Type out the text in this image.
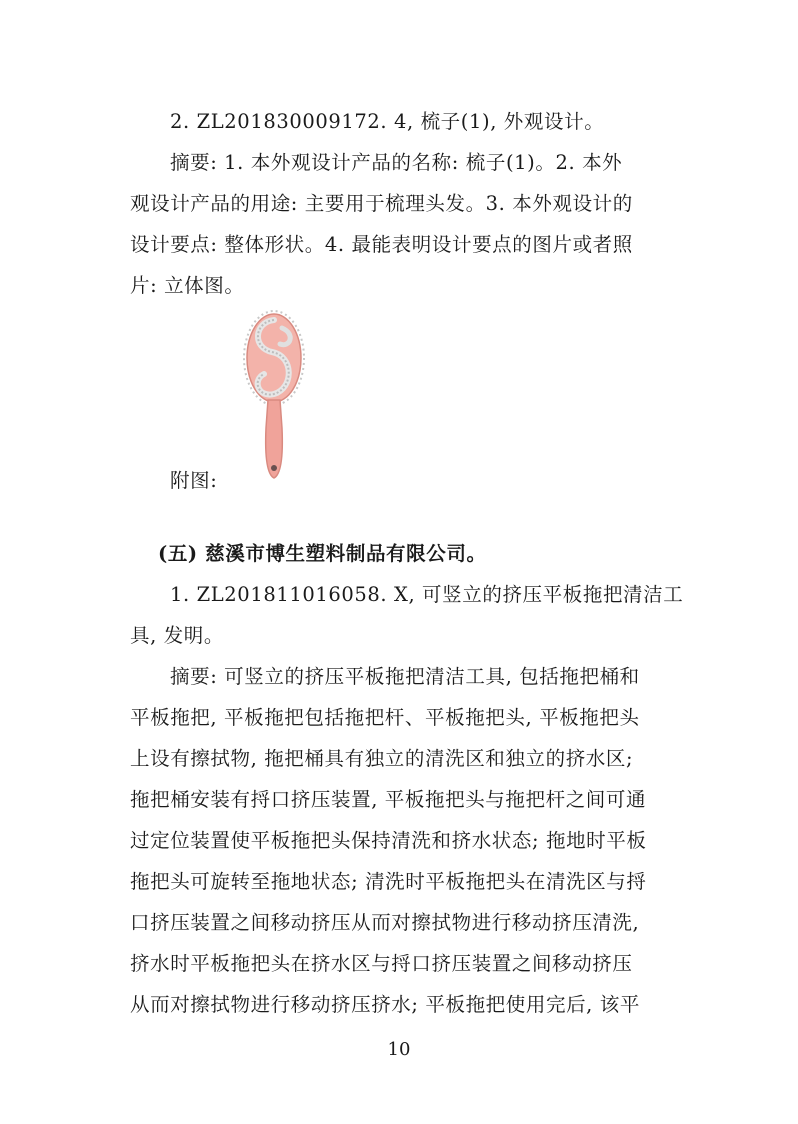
2. ZL201830009172. 4, 梳子(1), 外观设计。
摘要: 1. 本外观设计产品的名称: 梳子(1)。2. 本外
观设计产品的用途: 主要用于梳理头发。3. 本外观设计的
设计要点: 整体形状。4. 最能表明设计要点的图片或者照
片: 立体图。
附图:
(五) 慈溪市博生塑料制品有限公司。
1. ZL201811016058. X, 可竖立的挤压平板拖把清洁工
具, 发明。
摘要: 可竖立的挤压平板拖把清洁工具, 包括拖把桶和
平板拖把, 平板拖把包括拖把杆、平板拖把头, 平板拖把头
上设有擦拭物, 拖把桶具有独立的清洗区和独立的挤水区;
拖把桶安装有捋口挤压装置, 平板拖把头与拖把杆之间可通
过定位装置使平板拖把头保持清洗和挤水状态; 拖地时平板
拖把头可旋转至拖地状态; 清洗时平板拖把头在清洗区与捋
口挤压装置之间移动挤压从而对擦拭物进行移动挤压清洗,
挤水时平板拖把头在挤水区与捋口挤压装置之间移动挤压
从而对擦拭物进行移动挤压挤水; 平板拖把使用完后, 该平
10
